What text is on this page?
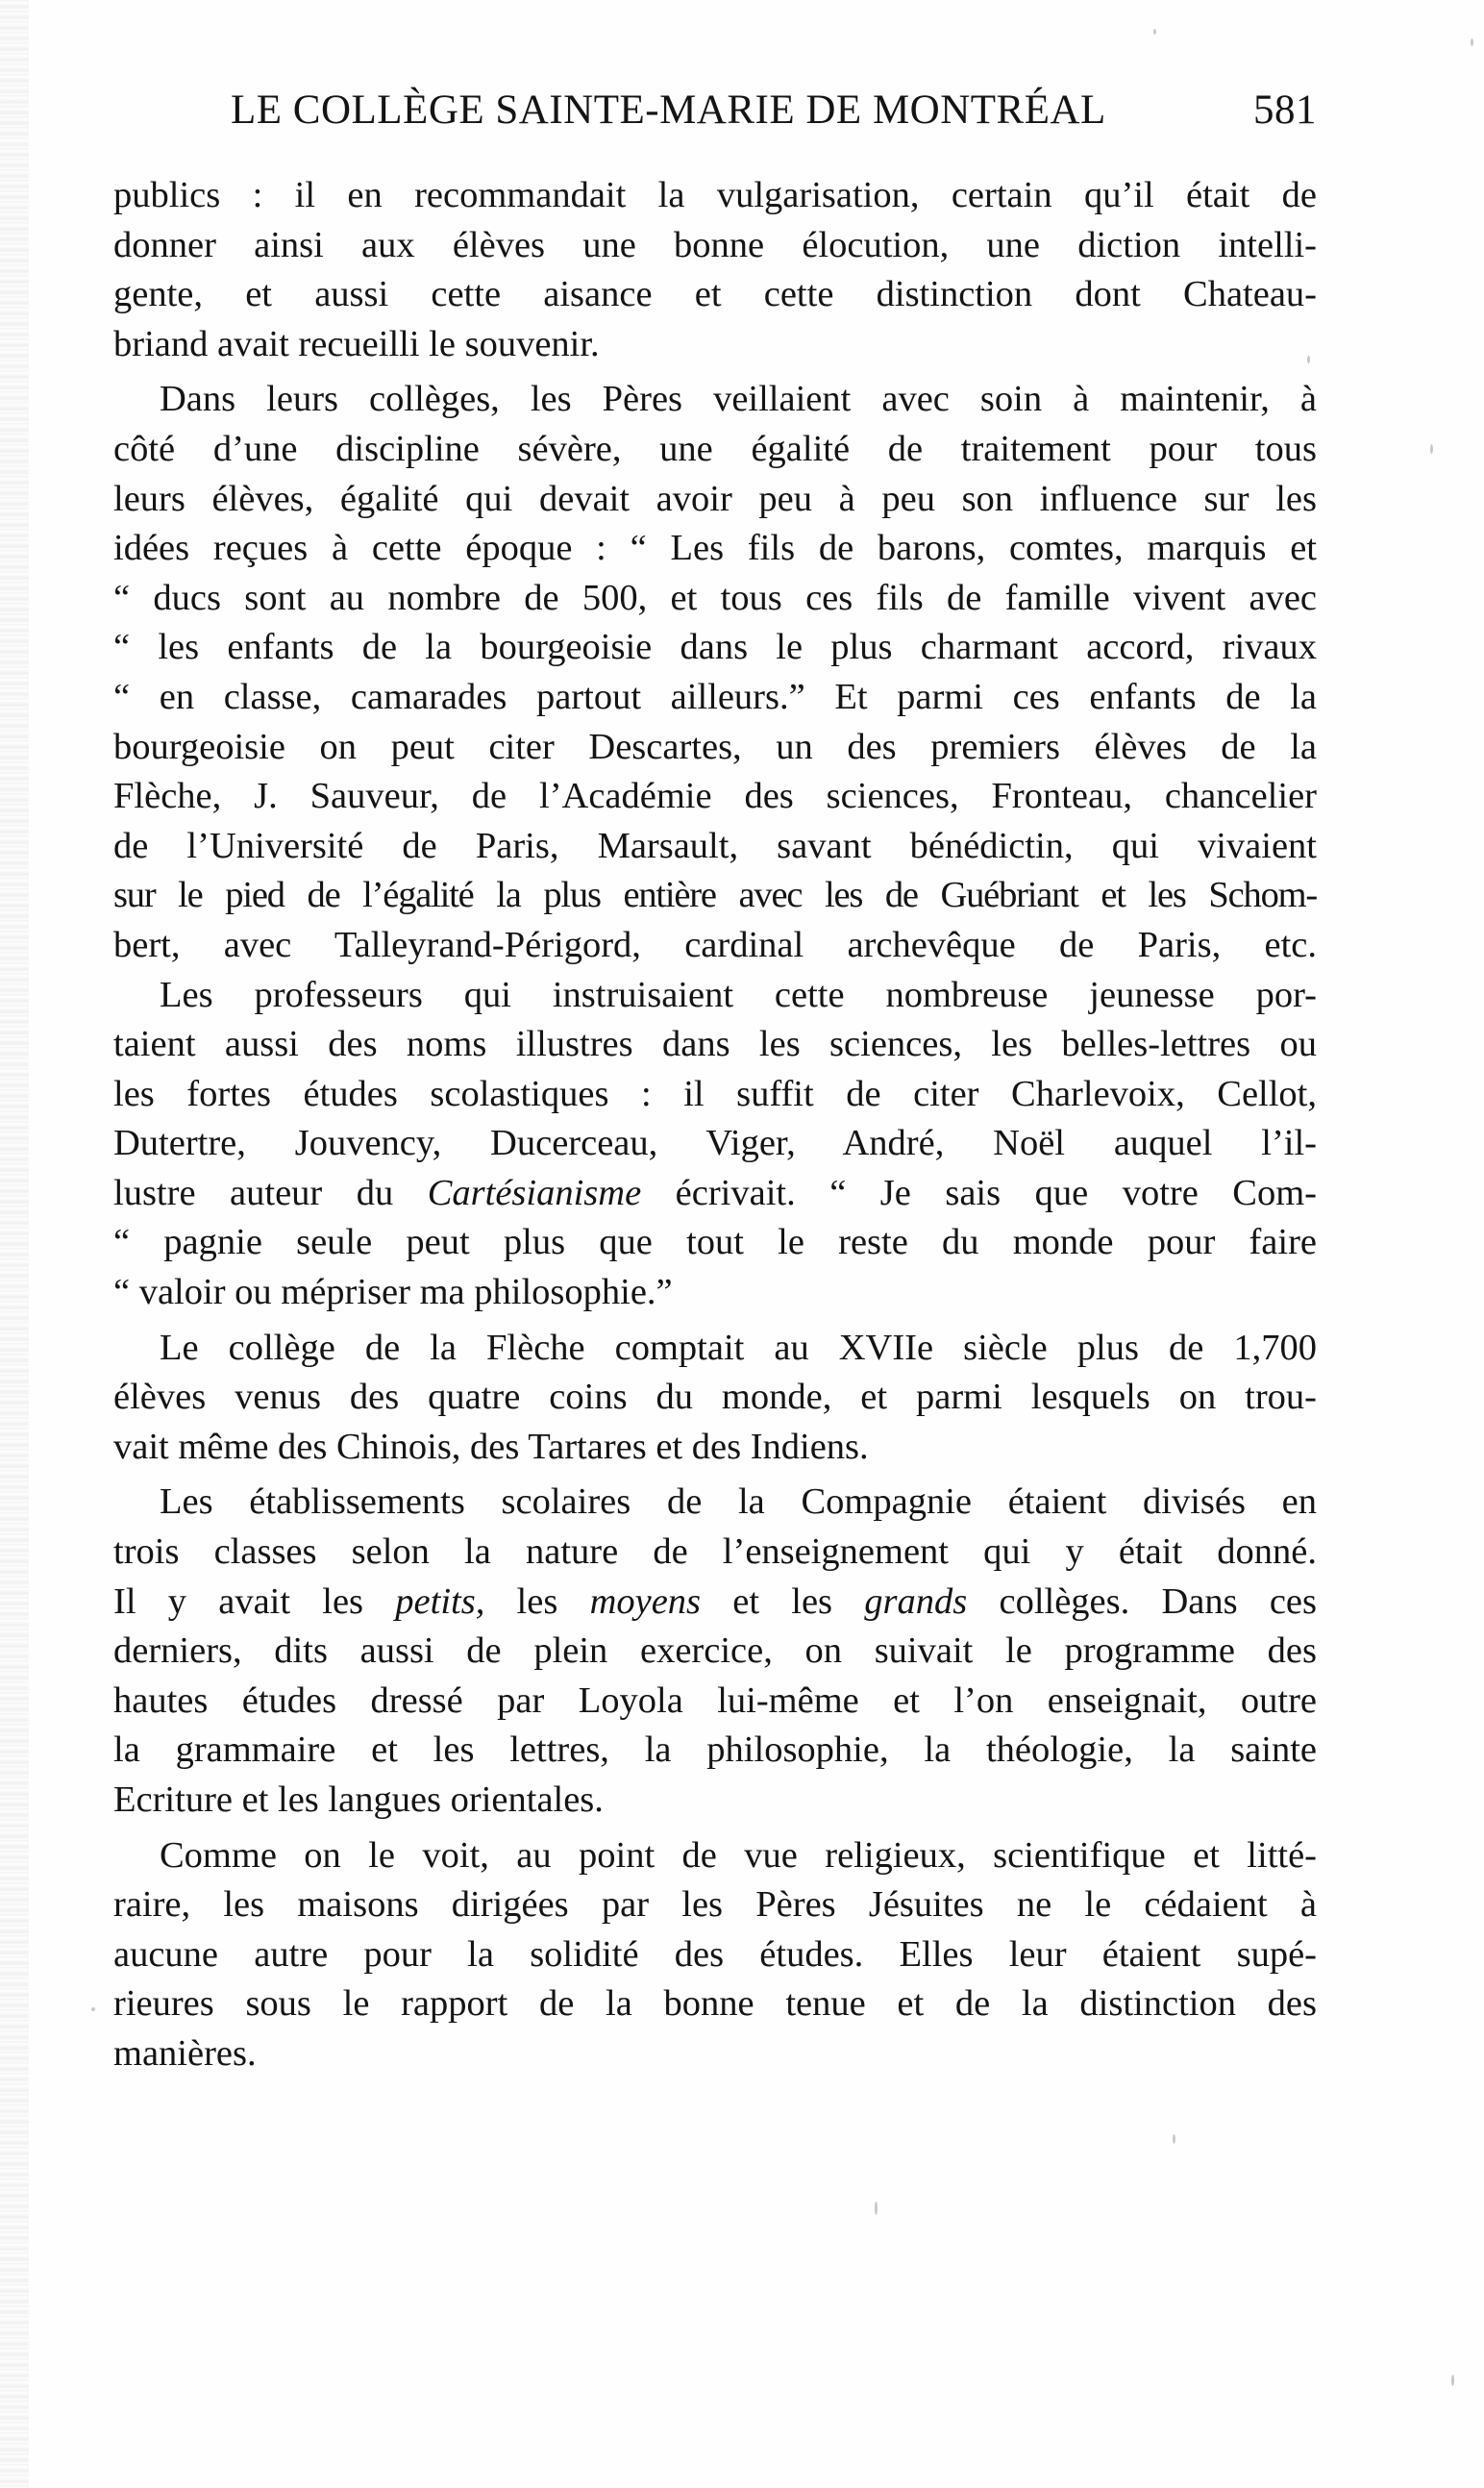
LE COLLÈGE SAINTE-MARIE DE MONTRÉAL	581
publics : il en recommandait la vulgarisation, certain qu’il était de
donner ainsi aux élèves une bonne élocution, une diction intelli-
gente, et aussi cette aisance et cette distinction dont Chateau-
briand avait recueilli le souvenir.
Dans leurs collèges, les Pères veillaient avec soin à maintenir, à
côté d’une discipline sévère, une égalité de traitement pour tous
leurs élèves, égalité qui devait avoir peu à peu son influence sur les
idées reçues à cette époque : “ Les fils de barons, comtes, marquis et
“ ducs sont au nombre de 500, et tous ces fils de famille vivent avec
“ les enfants de la bourgeoisie dans le plus charmant accord, rivaux
“ en classe, camarades partout ailleurs.” Et parmi ces enfants de la
bourgeoisie on peut citer Descartes, un des premiers élèves de la
Flèche, J. Sauveur, de l’Académie des sciences, Fronteau, chancelier
de l’Université de Paris, Marsault, savant bénédictin, qui vivaient
sur le pied de l’égalité la plus entière avec les de Guébriant et les Schom-
bert, avec Talleyrand-Périgord, cardinal archevêque de Paris, etc.
Les professeurs qui instruisaient cette nombreuse jeunesse por-
taient aussi des noms illustres dans les sciences, les belles-lettres ou
les fortes études scolastiques : il suffit de citer Charlevoix, Cellot,
Dutertre, Jouvency, Ducerceau, Viger, André, Noël auquel l’il-
lustre auteur du Cartésianisme écrivait. “ Je sais que votre Com-
“ pagnie seule peut plus que tout le reste du monde pour faire
“ valoir ou mépriser ma philosophie.”
Le collège de la Flèche comptait au XVIIe siècle plus de 1,700
élèves venus des quatre coins du monde, et parmi lesquels on trou-
vait même des Chinois, des Tartares et des Indiens.
Les établissements scolaires de la Compagnie étaient divisés en
trois classes selon la nature de l’enseignement qui y était donné.
Il y avait les petits, les moyens et les grands collèges. Dans ces
derniers, dits aussi de plein exercice, on suivait le programme des
hautes études dressé par Loyola lui-même et l’on enseignait, outre
la grammaire et les lettres, la philosophie, la théologie, la sainte
Ecriture et les langues orientales.
Comme on le voit, au point de vue religieux, scientifique et litté-
raire, les maisons dirigées par les Pères Jésuites ne le cédaient à
aucune autre pour la solidité des études. Elles leur étaient supé-
rieures sous le rapport de la bonne tenue et de la distinction des
manières.
